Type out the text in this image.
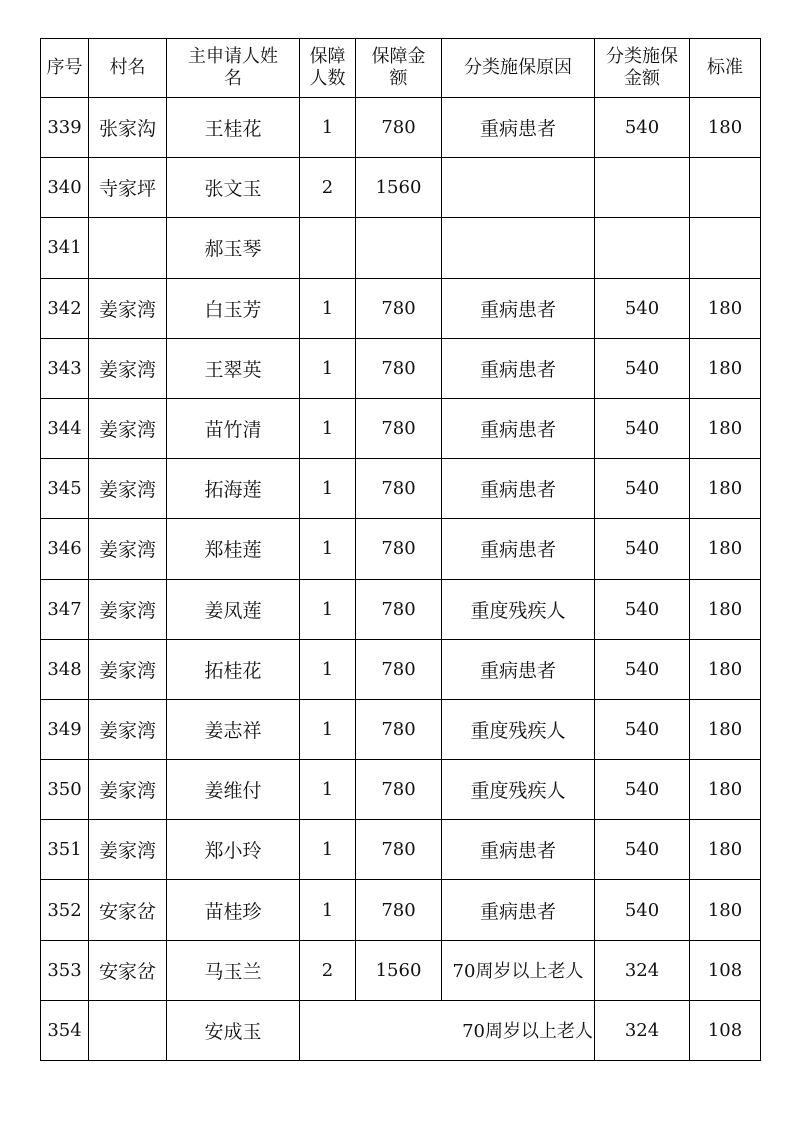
序号	村名	主申请人姓名	保障人数	保障金额	分类施保原因	分类施保金额	标准
339	张家沟	王桂花	1	780	重病患者	540	180
340	寺家坪	张文玉	2	1560			
341		郝玉琴					
342	姜家湾	白玉芳	1	780	重病患者	540	180
343	姜家湾	王翠英	1	780	重病患者	540	180
344	姜家湾	苗竹清	1	780	重病患者	540	180
345	姜家湾	拓海莲	1	780	重病患者	540	180
346	姜家湾	郑桂莲	1	780	重病患者	540	180
347	姜家湾	姜凤莲	1	780	重度残疾人	540	180
348	姜家湾	拓桂花	1	780	重病患者	540	180
349	姜家湾	姜志祥	1	780	重度残疾人	540	180
350	姜家湾	姜维付	1	780	重度残疾人	540	180
351	姜家湾	郑小玲	1	780	重病患者	540	180
352	安家岔	苗桂珍	1	780	重病患者	540	180
353	安家岔	马玉兰	2	1560	70周岁以上老人	324	108
354		安成玉	70周岁以上老人			324	108
